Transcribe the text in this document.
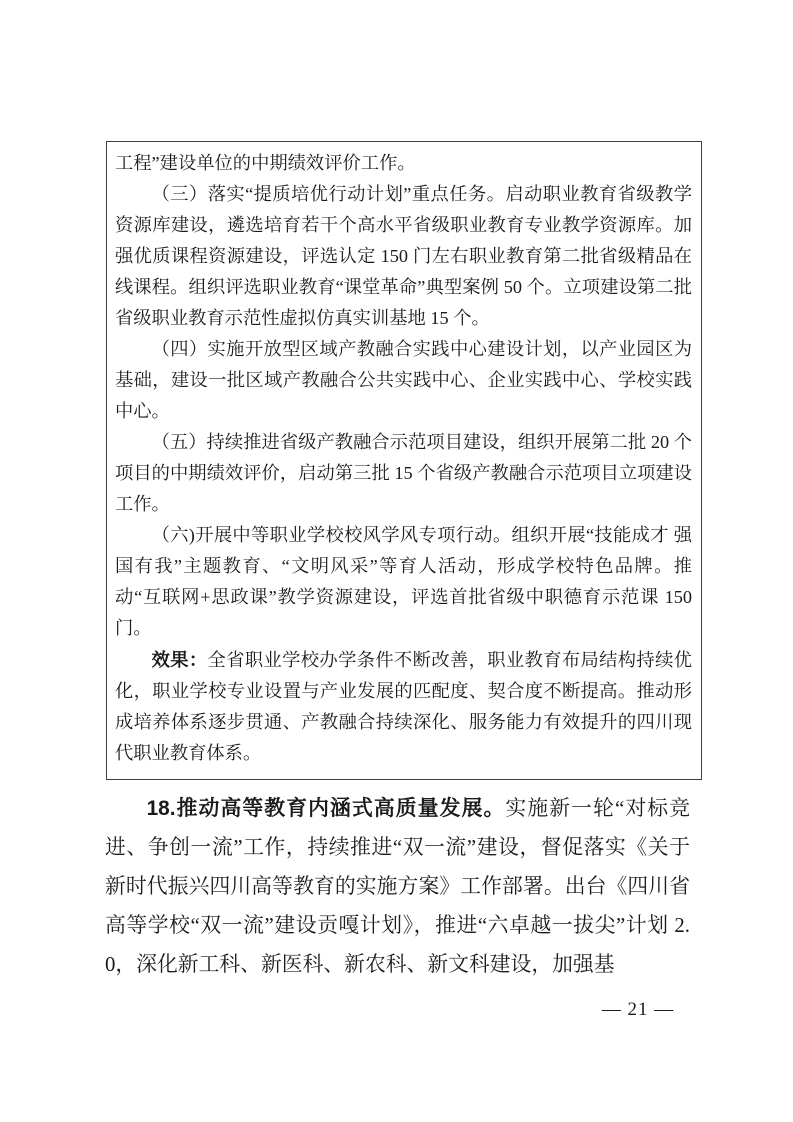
工程”建设单位的中期绩效评价工作。

（三）落实“提质培优行动计划”重点任务。启动职业教育省级教学资源库建设，遴选培育若干个高水平省级职业教育专业教学资源库。加强优质课程资源建设，评选认定 150 门左右职业教育第二批省级精品在线课程。组织评选职业教育“课堂革命”典型案例 50 个。立项建设第二批省级职业教育示范性虚拟仿真实训基地 15 个。

（四）实施开放型区域产教融合实践中心建设计划，以产业园区为基础，建设一批区域产教融合公共实践中心、企业实践中心、学校实践中心。

（五）持续推进省级产教融合示范项目建设，组织开展第二批 20 个项目的中期绩效评价，启动第三批 15 个省级产教融合示范项目立项建设工作。

（六)开展中等职业学校校风学风专项行动。组织开展“技能成才 强国有我”主题教育、“文明风采”等育人活动，形成学校特色品牌。推动“互联网+思政课”教学资源建设，评选首批省级中职德育示范课 150 门。

效果：全省职业学校办学条件不断改善，职业教育布局结构持续优化，职业学校专业设置与产业发展的匹配度、契合度不断提高。推动形成培养体系逐步贯通、产教融合持续深化、服务能力有效提升的四川现代职业教育体系。

18.推动高等教育内涵式高质量发展。实施新一轮“对标竞进、争创一流”工作，持续推进“双一流”建设，督促落实《关于新时代振兴四川高等教育的实施方案》工作部署。出台《四川省高等学校“双一流”建设贡嘎计划》，推进“六卓越一拔尖”计划 2.0，深化新工科、新医科、新农科、新文科建设，加强基

— 21 —
